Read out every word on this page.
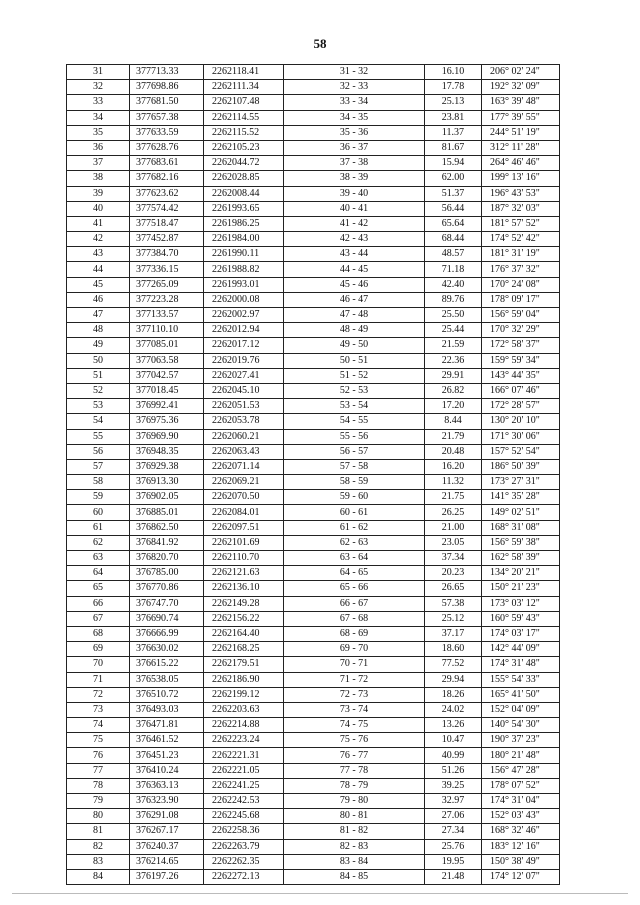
58
31	377713.33	2262118.41	31 - 32	16.10	206° 02' 24"
32	377698.86	2262111.34	32 - 33	17.78	192° 32' 09"
33	377681.50	2262107.48	33 - 34	25.13	163° 39' 48"
34	377657.38	2262114.55	34 - 35	23.81	177° 39' 55"
35	377633.59	2262115.52	35 - 36	11.37	244° 51' 19"
36	377628.76	2262105.23	36 - 37	81.67	312° 11' 28"
37	377683.61	2262044.72	37 - 38	15.94	264° 46' 46"
38	377682.16	2262028.85	38 - 39	62.00	199° 13' 16"
39	377623.62	2262008.44	39 - 40	51.37	196° 43' 53"
40	377574.42	2261993.65	40 - 41	56.44	187° 32' 03"
41	377518.47	2261986.25	41 - 42	65.64	181° 57' 52"
42	377452.87	2261984.00	42 - 43	68.44	174° 52' 42"
43	377384.70	2261990.11	43 - 44	48.57	181° 31' 19"
44	377336.15	2261988.82	44 - 45	71.18	176° 37' 32"
45	377265.09	2261993.01	45 - 46	42.40	170° 24' 08"
46	377223.28	2262000.08	46 - 47	89.76	178° 09' 17"
47	377133.57	2262002.97	47 - 48	25.50	156° 59' 04"
48	377110.10	2262012.94	48 - 49	25.44	170° 32' 29"
49	377085.01	2262017.12	49 - 50	21.59	172° 58' 37"
50	377063.58	2262019.76	50 - 51	22.36	159° 59' 34"
51	377042.57	2262027.41	51 - 52	29.91	143° 44' 35"
52	377018.45	2262045.10	52 - 53	26.82	166° 07' 46"
53	376992.41	2262051.53	53 - 54	17.20	172° 28' 57"
54	376975.36	2262053.78	54 - 55	8.44	130° 20' 10"
55	376969.90	2262060.21	55 - 56	21.79	171° 30' 06"
56	376948.35	2262063.43	56 - 57	20.48	157° 52' 54"
57	376929.38	2262071.14	57 - 58	16.20	186° 50' 39"
58	376913.30	2262069.21	58 - 59	11.32	173° 27' 31"
59	376902.05	2262070.50	59 - 60	21.75	141° 35' 28"
60	376885.01	2262084.01	60 - 61	26.25	149° 02' 51"
61	376862.50	2262097.51	61 - 62	21.00	168° 31' 08"
62	376841.92	2262101.69	62 - 63	23.05	156° 59' 38"
63	376820.70	2262110.70	63 - 64	37.34	162° 58' 39"
64	376785.00	2262121.63	64 - 65	20.23	134° 20' 21"
65	376770.86	2262136.10	65 - 66	26.65	150° 21' 23"
66	376747.70	2262149.28	66 - 67	57.38	173° 03' 12"
67	376690.74	2262156.22	67 - 68	25.12	160° 59' 43"
68	376666.99	2262164.40	68 - 69	37.17	174° 03' 17"
69	376630.02	2262168.25	69 - 70	18.60	142° 44' 09"
70	376615.22	2262179.51	70 - 71	77.52	174° 31' 48"
71	376538.05	2262186.90	71 - 72	29.94	155° 54' 33"
72	376510.72	2262199.12	72 - 73	18.26	165° 41' 50"
73	376493.03	2262203.63	73 - 74	24.02	152° 04' 09"
74	376471.81	2262214.88	74 - 75	13.26	140° 54' 30"
75	376461.52	2262223.24	75 - 76	10.47	190° 37' 23"
76	376451.23	2262221.31	76 - 77	40.99	180° 21' 48"
77	376410.24	2262221.05	77 - 78	51.26	156° 47' 28"
78	376363.13	2262241.25	78 - 79	39.25	178° 07' 52"
79	376323.90	2262242.53	79 - 80	32.97	174° 31' 04"
80	376291.08	2262245.68	80 - 81	27.06	152° 03' 43"
81	376267.17	2262258.36	81 - 82	27.34	168° 32' 46"
82	376240.37	2262263.79	82 - 83	25.76	183° 12' 16"
83	376214.65	2262262.35	83 - 84	19.95	150° 38' 49"
84	376197.26	2262272.13	84 - 85	21.48	174° 12' 07"
